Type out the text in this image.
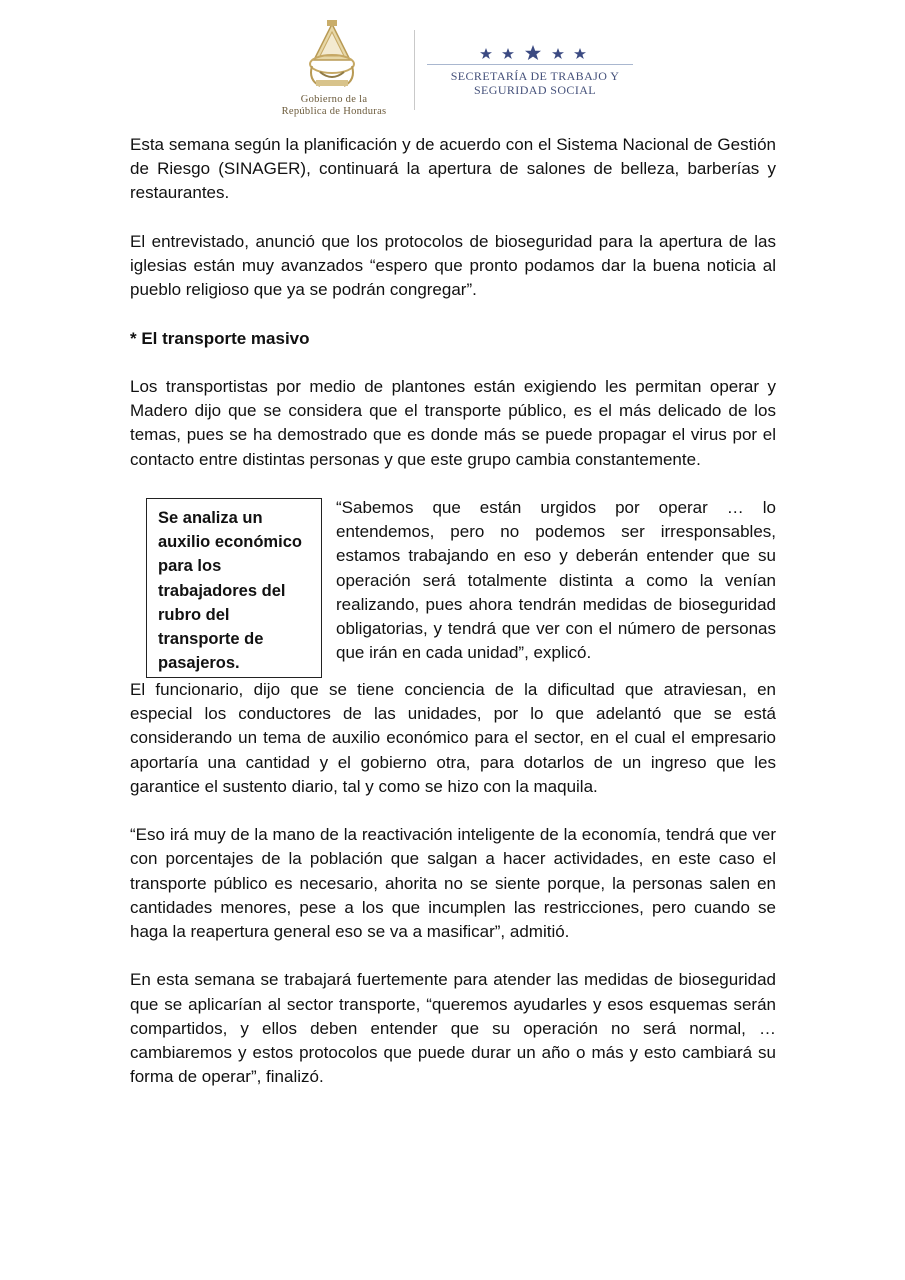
Gobierno de la
República de Honduras
SECRETARÍA DE TRABAJO Y
SEGURIDAD SOCIAL

Esta semana según la planificación y de acuerdo con el Sistema Nacional de Gestión de Riesgo (SINAGER), continuará la apertura de salones de belleza, barberías y restaurantes.

El entrevistado, anunció que los protocolos de bioseguridad para la apertura de las iglesias están muy avanzados “espero que pronto podamos dar la buena noticia al pueblo religioso que ya se podrán congregar”.

* El transporte masivo

Los transportistas por medio de plantones están exigiendo les permitan operar y Madero dijo que se considera que el transporte público, es el más delicado de los temas, pues se ha demostrado que es donde más se puede propagar el virus por el contacto entre distintas personas y que este grupo cambia constantemente.

Se analiza un auxilio económico para los trabajadores del rubro del transporte de pasajeros.
“Sabemos que están urgidos por operar … lo entendemos, pero no podemos ser irresponsables, estamos trabajando en eso y deberán entender que su operación será totalmente distinta a como la venían realizando, pues ahora tendrán medidas de bioseguridad obligatorias, y tendrá que ver con el número de personas que irán en cada unidad”, explicó.

El funcionario, dijo que se tiene conciencia de la dificultad que atraviesan, en especial los conductores de las unidades, por lo que adelantó que se está considerando un tema de auxilio económico para el sector, en el cual el empresario aportaría una cantidad y el gobierno otra, para dotarlos de un ingreso que les garantice el sustento diario, tal y como se hizo con la maquila.

“Eso irá muy de la mano de la reactivación inteligente de la economía, tendrá que ver con porcentajes de la población que salgan a hacer actividades, en este caso el transporte público es necesario, ahorita no se siente porque, la personas salen en cantidades menores, pese a los que incumplen las restricciones, pero cuando se haga la reapertura general eso se va a masificar”, admitió.

En esta semana se trabajará fuertemente para atender las medidas de bioseguridad que se aplicarían al sector transporte, “queremos ayudarles y esos esquemas serán compartidos, y ellos deben entender que su operación no será normal, … cambiaremos y estos protocolos que puede durar un año o más y esto cambiará su forma de operar”, finalizó.
